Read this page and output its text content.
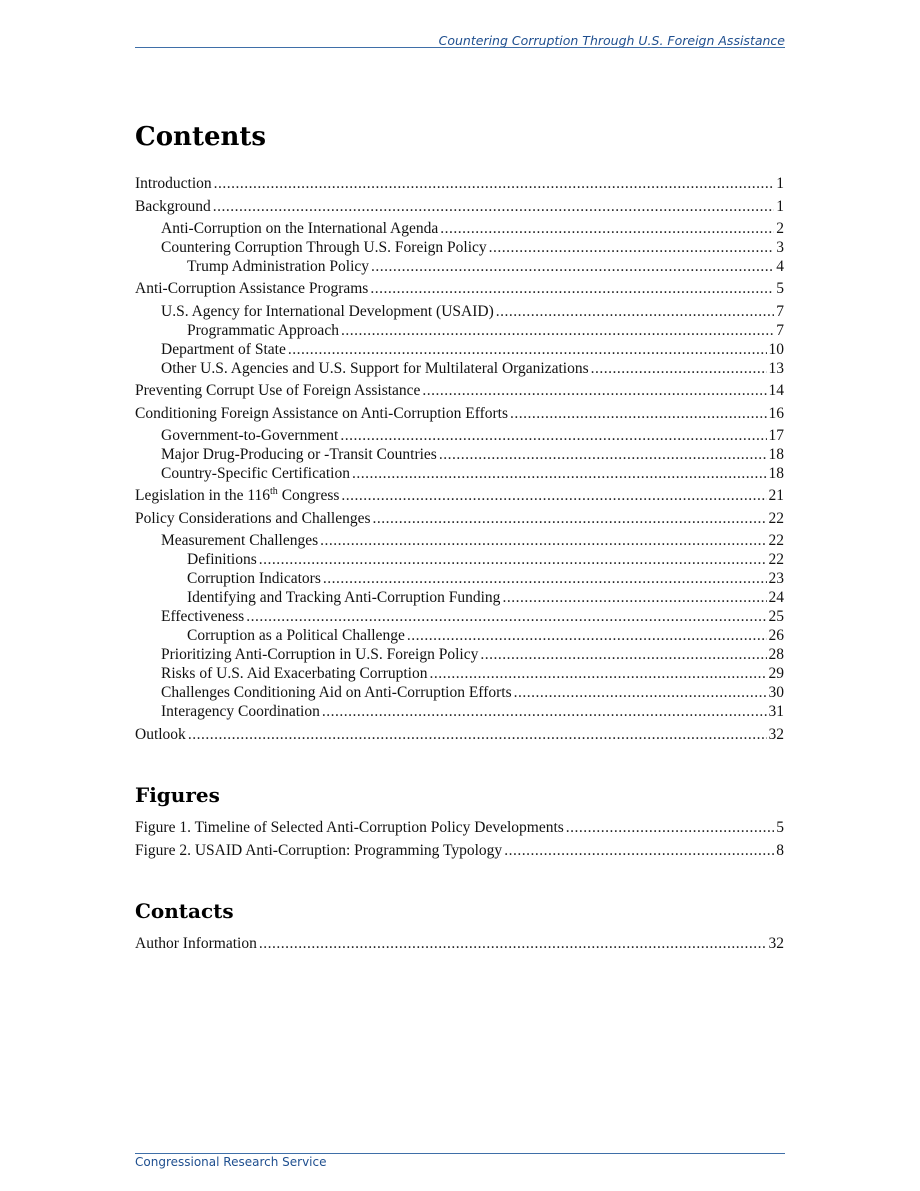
Countering Corruption Through U.S. Foreign Assistance
Contents
Introduction .....	1
Background .....	1
Anti-Corruption on the International Agenda .....	2
Countering Corruption Through U.S. Foreign Policy .....	3
Trump Administration Policy .....	4
Anti-Corruption Assistance Programs .....	5
U.S. Agency for International Development (USAID) .....	7
Programmatic Approach .....	7
Department of State .....	10
Other U.S. Agencies and U.S. Support for Multilateral Organizations .....	13
Preventing Corrupt Use of Foreign Assistance .....	14
Conditioning Foreign Assistance on Anti-Corruption Efforts .....	16
Government-to-Government .....	17
Major Drug-Producing or -Transit Countries .....	18
Country-Specific Certification .....	18
Legislation in the 116th Congress .....	21
Policy Considerations and Challenges .....	22
Measurement Challenges .....	22
Definitions .....	22
Corruption Indicators .....	23
Identifying and Tracking Anti-Corruption Funding .....	24
Effectiveness .....	25
Corruption as a Political Challenge .....	26
Prioritizing Anti-Corruption in U.S. Foreign Policy .....	28
Risks of U.S. Aid Exacerbating Corruption .....	29
Challenges Conditioning Aid on Anti-Corruption Efforts .....	30
Interagency Coordination .....	31
Outlook .....	32
Figures
Figure 1. Timeline of Selected Anti-Corruption Policy Developments .....	5
Figure 2. USAID Anti-Corruption: Programming Typology .....	8
Contacts
Author Information .....	32
Congressional Research Service
